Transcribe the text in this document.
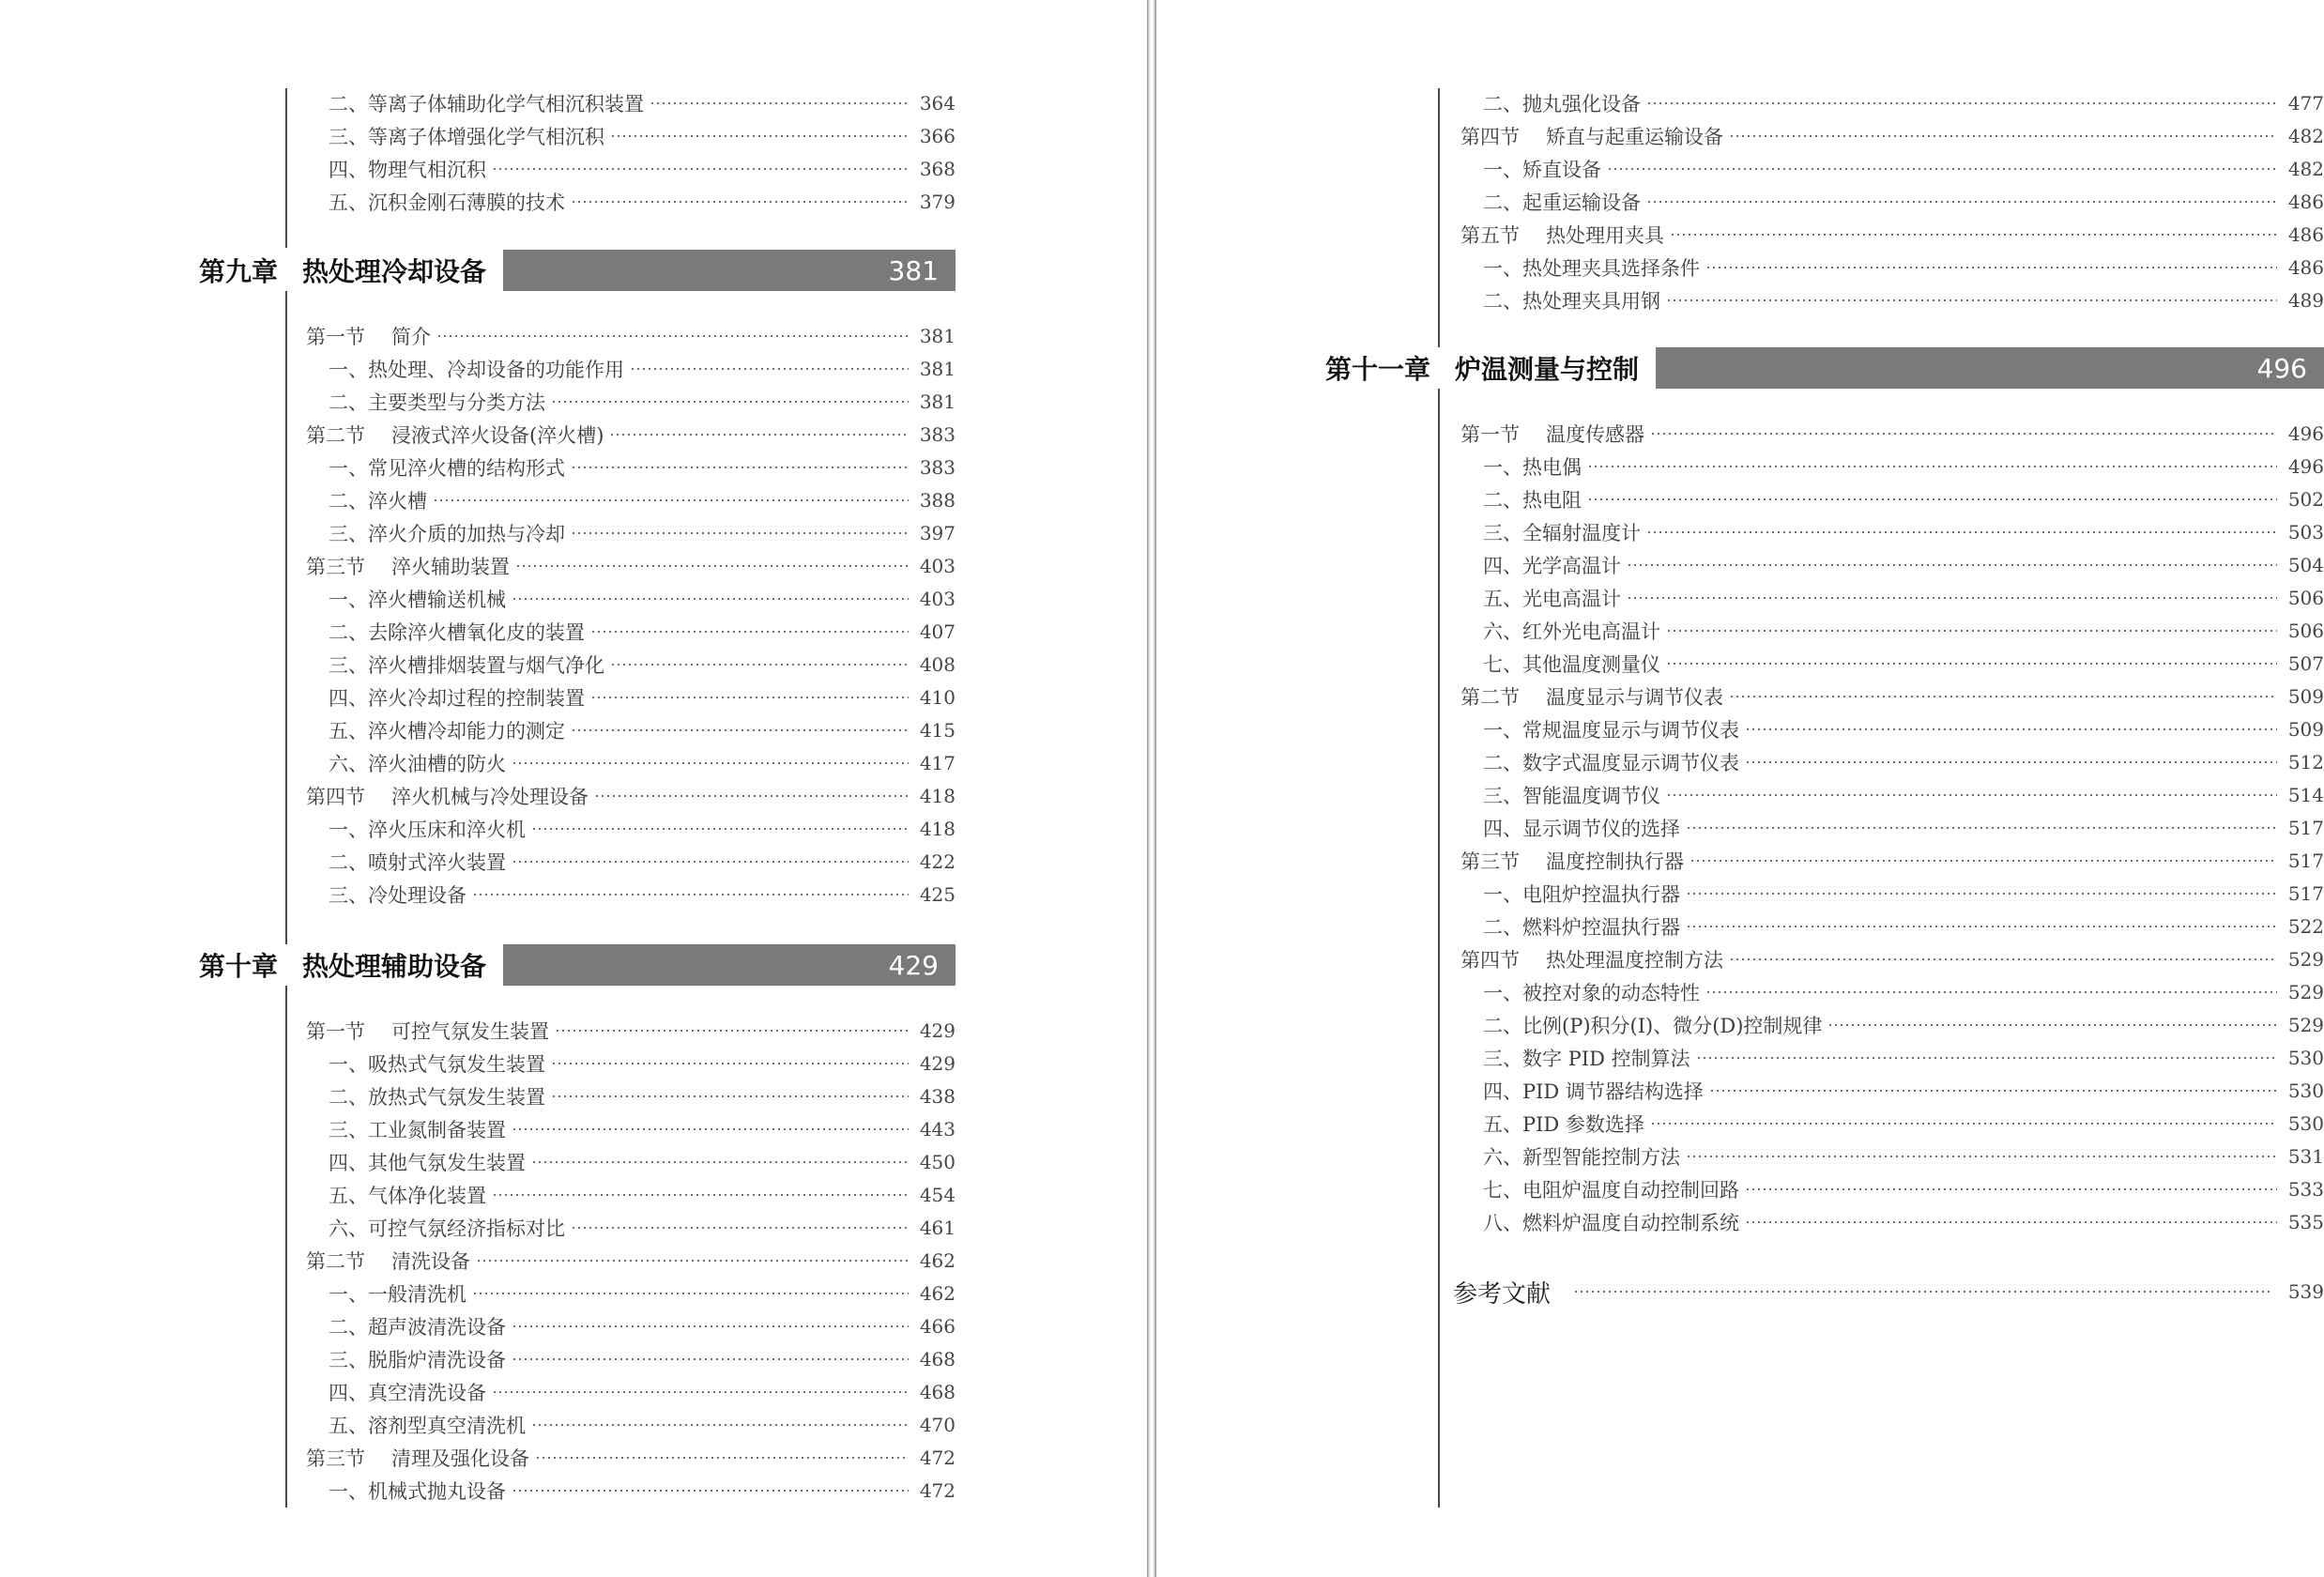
二、等离子体辅助化学气相沉积装置	364
三、等离子体增强化学气相沉积	366
四、物理气相沉积	368
五、沉积金刚石薄膜的技术	379
第九章 热处理冷却设备	381
第一节 简介	381
一、热处理、冷却设备的功能作用	381
二、主要类型与分类方法	381
第二节 浸液式淬火设备(淬火槽)	383
一、常见淬火槽的结构形式	383
二、淬火槽	388
三、淬火介质的加热与冷却	397
第三节 淬火辅助装置	403
一、淬火槽输送机械	403
二、去除淬火槽氧化皮的装置	407
三、淬火槽排烟装置与烟气净化	408
四、淬火冷却过程的控制装置	410
五、淬火槽冷却能力的测定	415
六、淬火油槽的防火	417
第四节 淬火机械与冷处理设备	418
一、淬火压床和淬火机	418
二、喷射式淬火装置	422
三、冷处理设备	425
第十章 热处理辅助设备	429
第一节 可控气氛发生装置	429
一、吸热式气氛发生装置	429
二、放热式气氛发生装置	438
三、工业氮制备装置	443
四、其他气氛发生装置	450
五、气体净化装置	454
六、可控气氛经济指标对比	461
第二节 清洗设备	462
一、一般清洗机	462
二、超声波清洗设备	466
三、脱脂炉清洗设备	468
四、真空清洗设备	468
五、溶剂型真空清洗机	470
第三节 清理及强化设备	472
一、机械式抛丸设备	472
二、抛丸强化设备	477
第四节 矫直与起重运输设备	482
一、矫直设备	482
二、起重运输设备	486
第五节 热处理用夹具	486
一、热处理夹具选择条件	486
二、热处理夹具用钢	489
第十一章 炉温测量与控制	496
第一节 温度传感器	496
一、热电偶	496
二、热电阻	502
三、全辐射温度计	503
四、光学高温计	504
五、光电高温计	506
六、红外光电高温计	506
七、其他温度测量仪	507
第二节 温度显示与调节仪表	509
一、常规温度显示与调节仪表	509
二、数字式温度显示调节仪表	512
三、智能温度调节仪	514
四、显示调节仪的选择	517
第三节 温度控制执行器	517
一、电阻炉控温执行器	517
二、燃料炉控温执行器	522
第四节 热处理温度控制方法	529
一、被控对象的动态特性	529
二、比例(P)积分(I)、微分(D)控制规律	529
三、数字 PID 控制算法	530
四、PID 调节器结构选择	530
五、PID 参数选择	530
六、新型智能控制方法	531
七、电阻炉温度自动控制回路	533
八、燃料炉温度自动控制系统	535
参考文献	539
